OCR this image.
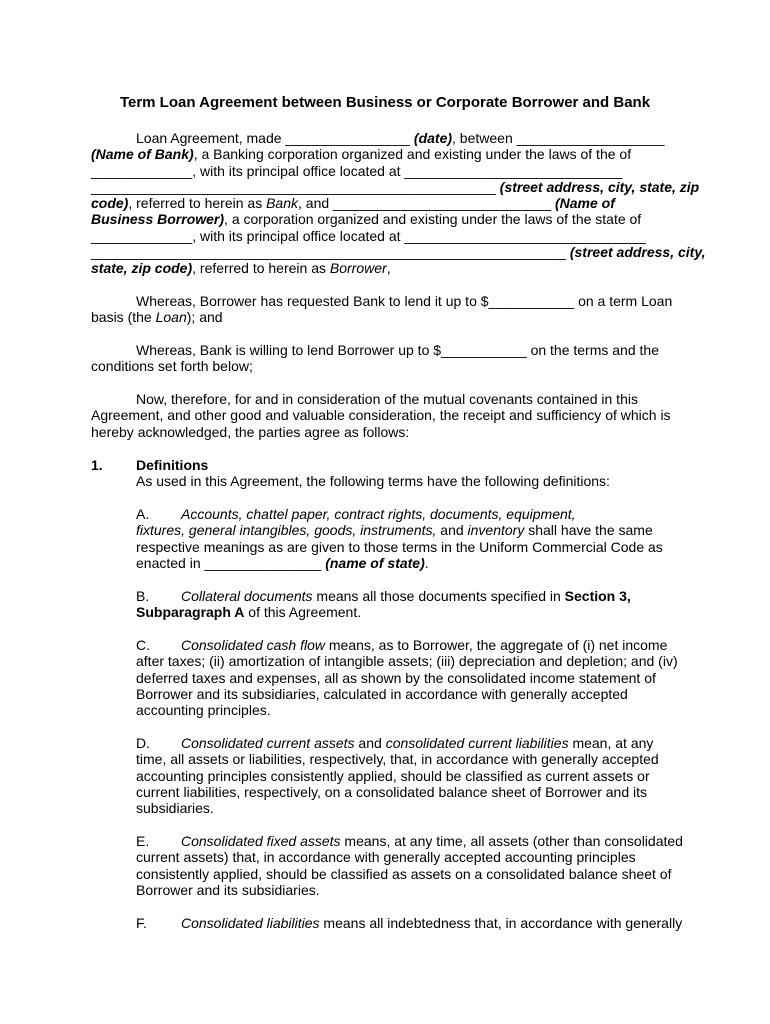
Term Loan Agreement between Business or Corporate Borrower and Bank
Loan Agreement, made ________________ (date), between ___________________
(Name of Bank), a Banking corporation organized and existing under the laws of the of
_____________, with its principal office located at ____________________________
____________________________________________________ (street address, city, state, zip
code), referred to herein as Bank, and ____________________________ (Name of
Business Borrower), a corporation organized and existing under the laws of the state of
_____________, with its principal office located at _______________________________
_____________________________________________________________ (street address, city,
state, zip code), referred to herein as Borrower,
Whereas, Borrower has requested Bank to lend it up to $___________ on a term Loan
basis (the Loan); and
Whereas, Bank is willing to lend Borrower up to $___________ on the terms and the
conditions set forth below;
Now, therefore, for and in consideration of the mutual covenants contained in this
Agreement, and other good and valuable consideration, the receipt and sufficiency of which is
hereby acknowledged, the parties agree as follows:
1. Definitions
As used in this Agreement, the following terms have the following definitions:
A. Accounts, chattel paper, contract rights, documents, equipment,
fixtures, general intangibles, goods, instruments, and inventory shall have the same
respective meanings as are given to those terms in the Uniform Commercial Code as
enacted in _______________ (name of state).
B. Collateral documents means all those documents specified in Section 3,
Subparagraph A of this Agreement.
C. Consolidated cash flow means, as to Borrower, the aggregate of (i) net income
after taxes; (ii) amortization of intangible assets; (iii) depreciation and depletion; and (iv)
deferred taxes and expenses, all as shown by the consolidated income statement of
Borrower and its subsidiaries, calculated in accordance with generally accepted
accounting principles.
D. Consolidated current assets and consolidated current liabilities mean, at any
time, all assets or liabilities, respectively, that, in accordance with generally accepted
accounting principles consistently applied, should be classified as current assets or
current liabilities, respectively, on a consolidated balance sheet of Borrower and its
subsidiaries.
E. Consolidated fixed assets means, at any time, all assets (other than consolidated
current assets) that, in accordance with generally accepted accounting principles
consistently applied, should be classified as assets on a consolidated balance sheet of
Borrower and its subsidiaries.
F. Consolidated liabilities means all indebtedness that, in accordance with generally
